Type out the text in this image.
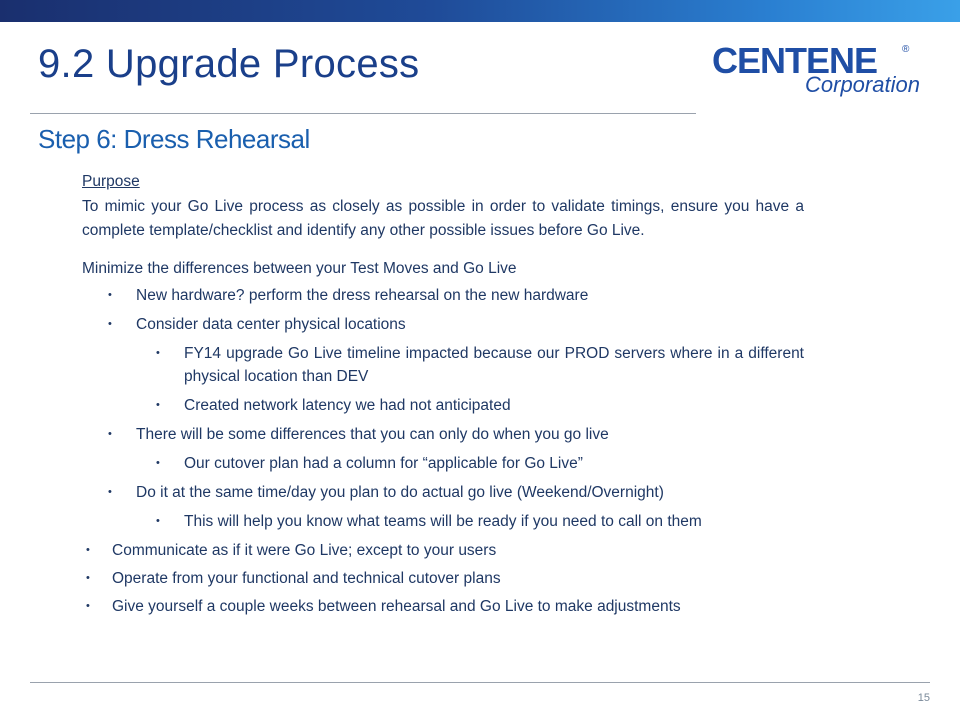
9.2 Upgrade Process	CENTENE ®
Corporation
Step 6: Dress Rehearsal

Purpose

To mimic your Go Live process as closely as possible in order to validate timings, ensure you have a complete template/checklist and identify any other possible issues before Go Live.

Minimize the differences between your Test Moves and Go Live

• New hardware? perform the dress rehearsal on the new hardware
• Consider data center physical locations
• FY14 upgrade Go Live timeline impacted because our PROD servers where in a different physical location than DEV
• Created network latency we had not anticipated
• There will be some differences that you can only do when you go live
• Our cutover plan had a column for “applicable for Go Live”
• Do it at the same time/day you plan to do actual go live (Weekend/Overnight)
• This will help you know what teams will be ready if you need to call on them
• Communicate as if it were Go Live; except to your users
• Operate from your functional and technical cutover plans
• Give yourself a couple weeks between rehearsal and Go Live to make adjustments
15
